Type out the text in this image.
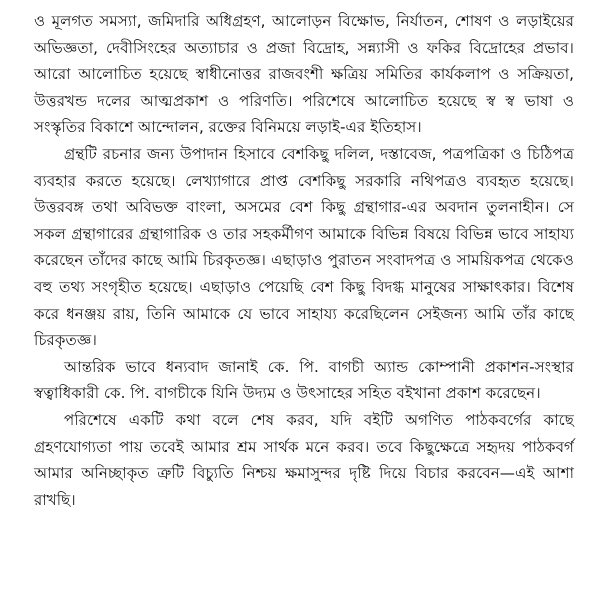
ও মূলগত সমস্যা, জমিদারি অধিগ্রহণ, আলোড়ন বিক্ষোভ, নির্যাতন, শোষণ ও লড়াইয়ের অভিজ্ঞতা, দেবীসিংহের অত্যাচার ও প্রজা বিদ্রোহ, সন্ন্যাসী ও ফকির বিদ্রোহের প্রভাব। আরো আলোচিত হয়েছে স্বাধীনোত্তর রাজবংশী ক্ষত্রিয় সমিতির কার্যকলাপ ও সক্রিয়তা, উত্তরখন্ড দলের আত্মপ্রকাশ ও পরিণতি। পরিশেষে আলোচিত হয়েছে স্ব স্ব ভাষা ও সংস্কৃতির বিকাশে আন্দোলন, রক্তের বিনিময়ে লড়াই-এর ইতিহাস।

গ্রন্থটি রচনার জন্য উপাদান হিসাবে বেশকিছু দলিল, দস্তাবেজ, পত্রপত্রিকা ও চিঠিপত্র ব্যবহার করতে হয়েছে। লেখ্যাগারে প্রাপ্ত বেশকিছু সরকারি নথিপত্রও ব্যবহৃত হয়েছে। উত্তরবঙ্গ তথা অবিভক্ত বাংলা, অসমের বেশ কিছু গ্রন্থাগার-এর অবদান তুলনাহীন। সে সকল গ্রন্থাগারের গ্রন্থাগারিক ও তার সহকর্মীগণ আমাকে বিভিন্ন বিষয়ে বিভিন্ন ভাবে সাহায্য করেছেন তাঁদের কাছে আমি চিরকৃতজ্ঞ। এছাড়াও পুরাতন সংবাদপত্র ও সাময়িকপত্র থেকেও বহু তথ্য সংগৃহীত হয়েছে। এছাড়াও পেয়েছি বেশ কিছু বিদগ্ধ মানুষের সাক্ষাৎকার। বিশেষ করে ধনঞ্জয় রায়, তিনি আমাকে যে ভাবে সাহায্য করেছিলেন সেইজন্য আমি তাঁর কাছে চিরকৃতজ্ঞ।

আন্তরিক ভাবে ধন্যবাদ জানাই কে. পি. বাগচী অ্যান্ড কোম্পানী প্রকাশন-সংস্থার স্বত্বাধিকারী কে. পি. বাগচীকে যিনি উদ্যম ও উৎসাহের সহিত বইখানা প্রকাশ করেছেন।

পরিশেষে একটি কথা বলে শেষ করব, যদি বইটি অগণিত পাঠকবর্গের কাছে গ্রহণযোগ্যতা পায় তবেই আমার শ্রম সার্থক মনে করব। তবে কিছুক্ষেত্রে সহৃদয় পাঠকবর্গ আমার অনিচ্ছাকৃত ত্রুটি বিচ্যুতি নিশ্চয় ক্ষমাসুন্দর দৃষ্টি দিয়ে বিচার করবেন—এই আশা রাখছি।
